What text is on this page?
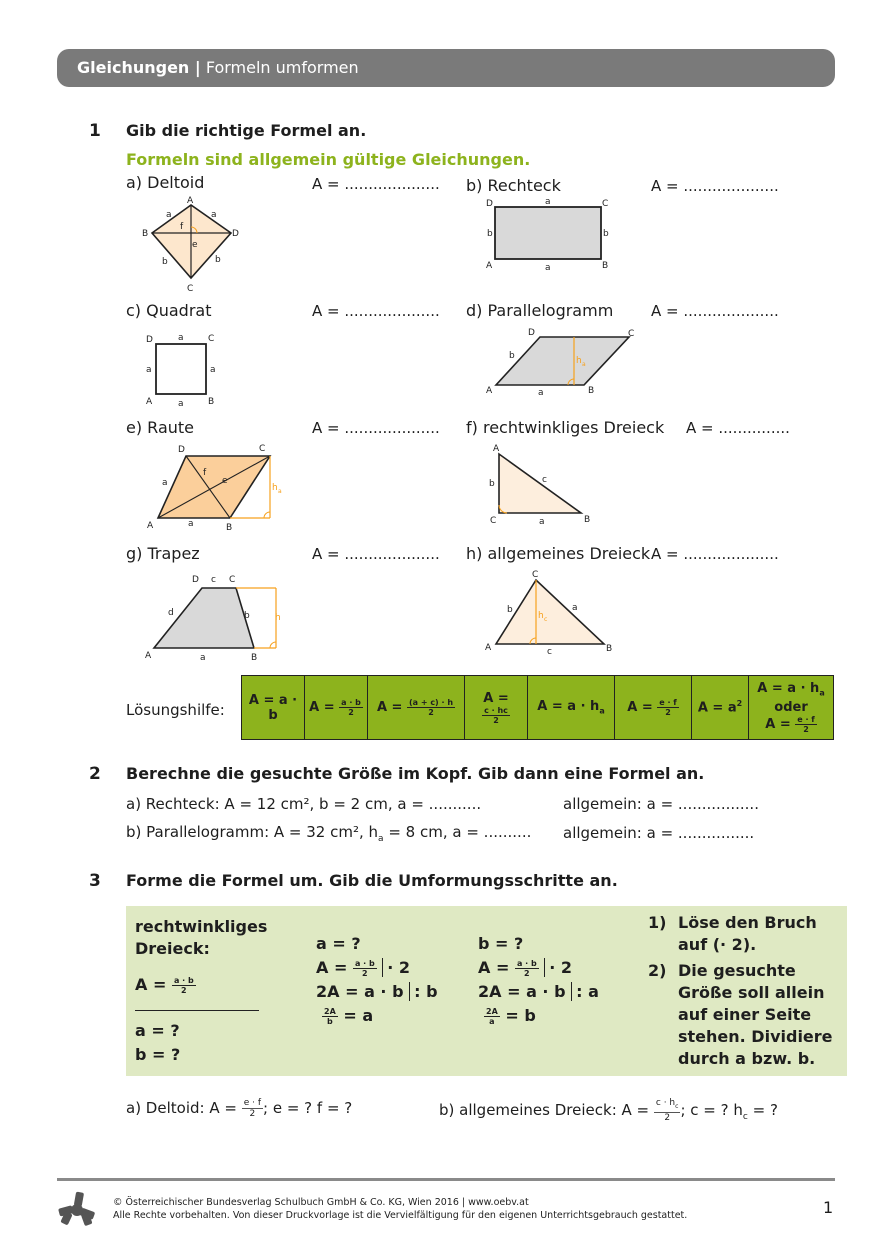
Gleichungen | Formeln umformen
1 Gib die richtige Formel an.
Formeln sind allgemein gültige Gleichungen.
a) Deltoid	A = .................... b) Rechteck	A = ....................
c) Quadrat	A = .................... d) Parallelogramm	A = ....................
e) Raute	A = .................... f) rechtwinkliges Dreieck A = ...............
g) Trapez	A = .................... h) allgemeines Dreieck A = ....................
A
B
C
D
a	a
b	b
f
e
D	C
A	B
a
a
b	b
D	C
A	B
a
a
a	a
D	C
A	B
a
b	h a
D	C
A	B
a
a
f
e
h a
A
C	B
a
b	c
D	C
A	B
c
a
d	b	h
C
A	B
c
b	a
h c
Lösungshilfe:
A = a · b	$A = \frac{a \cdot b}{2}$	$A = \frac{(a + c) \cdot h}{2}$	A =
$\frac{c \cdot hc}{2}$	$A = a \cdot h_a$	$A = \frac{e \cdot f}{2}$	$A = a^2$	$A = a \cdot h_a$
oder
$A = \frac{e \cdot f}{2}$
2 Berechne die gesuchte Größe im Kopf. Gib dann eine Formel an.
a) Rechteck: A = 12 cm², b = 2 cm, a = ...........	allgemein: a = .................
b) Parallelogramm: A = 32 cm², $h_a = 8$ cm, a = .......... allgemein: a = ................
3 Forme die Formel um. Gib die Umformungsschritte an.
rechtwinkliges
Dreieck:
$A = \frac{a \cdot b}{2}$
a = ?
b = ?
a = ?
$A = \frac{a \cdot b}{2} \cdot 2$
2A = a · b : b
$\frac{2A}{b} = a$
b = ?
$A = \frac{a \cdot b}{2} \cdot 2$
2A = a · b : a
$\frac{2A}{a} = b$
1) Löse den Bruch auf (· 2).
2) Die gesuchte Größe soll allein auf einer Seite stehen. Dividiere durch a bzw. b.
a) Deltoid: $A = \frac{e \cdot f}{2}$ ; e = ? f = ?	b) allgemeines Dreieck: $A = \frac{c \cdot h_c}{2}$ ; c = ? $h_c$ = ?
© Österreichischer Bundesverlag Schulbuch GmbH & Co. KG, Wien 2016 | www.oebv.at
Alle Rechte vorbehalten. Von dieser Druckvorlage ist die Vervielfältigung für den eigenen Unterrichtsgebrauch gestattet.	1
